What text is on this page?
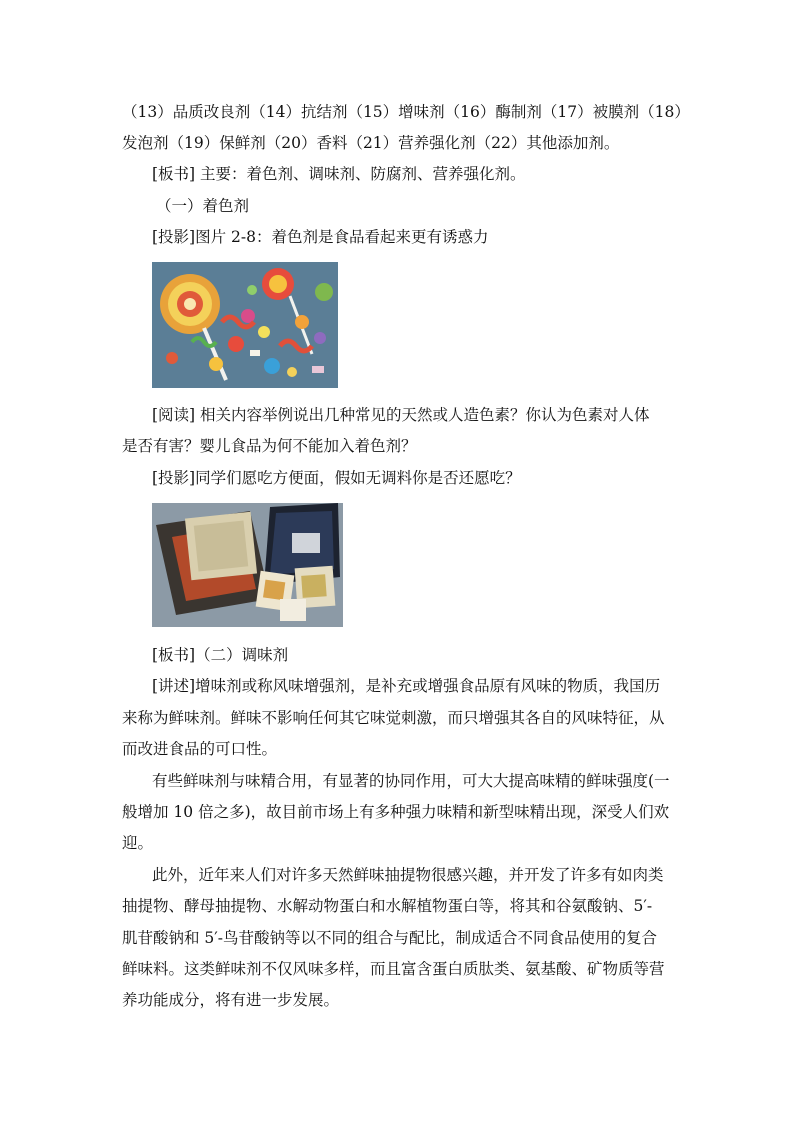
（13）品质改良剂（14）抗结剂（15）增味剂（16）酶制剂（17）被膜剂（18）
发泡剂（19）保鲜剂（20）香料（21）营养强化剂（22）其他添加剂。
[板书] 主要：着色剂、调味剂、防腐剂、营养强化剂。
（一）着色剂
[投影]图片 2-8：着色剂是食品看起来更有诱惑力
[阅读] 相关内容举例说出几种常见的天然或人造色素？你认为色素对人体
是否有害？婴儿食品为何不能加入着色剂？
[投影]同学们愿吃方便面，假如无调料你是否还愿吃？
[板书]（二）调味剂
[讲述]增味剂或称风味增强剂，是补充或增强食品原有风味的物质，我国历
来称为鲜味剂。鲜味不影响任何其它味觉刺激，而只增强其各自的风味特征，从
而改进食品的可口性。
有些鲜味剂与味精合用，有显著的协同作用，可大大提高味精的鲜味强度(一
般增加 10 倍之多)，故目前市场上有多种强力味精和新型味精出现，深受人们欢
迎。
此外，近年来人们对许多天然鲜味抽提物很感兴趣，并开发了许多有如肉类
抽提物、酵母抽提物、水解动物蛋白和水解植物蛋白等，将其和谷氨酸钠、5′-
肌苷酸钠和 5′-鸟苷酸钠等以不同的组合与配比，制成适合不同食品使用的复合
鲜味料。这类鲜味剂不仅风味多样，而且富含蛋白质肽类、氨基酸、矿物质等营
养功能成分，将有进一步发展。
